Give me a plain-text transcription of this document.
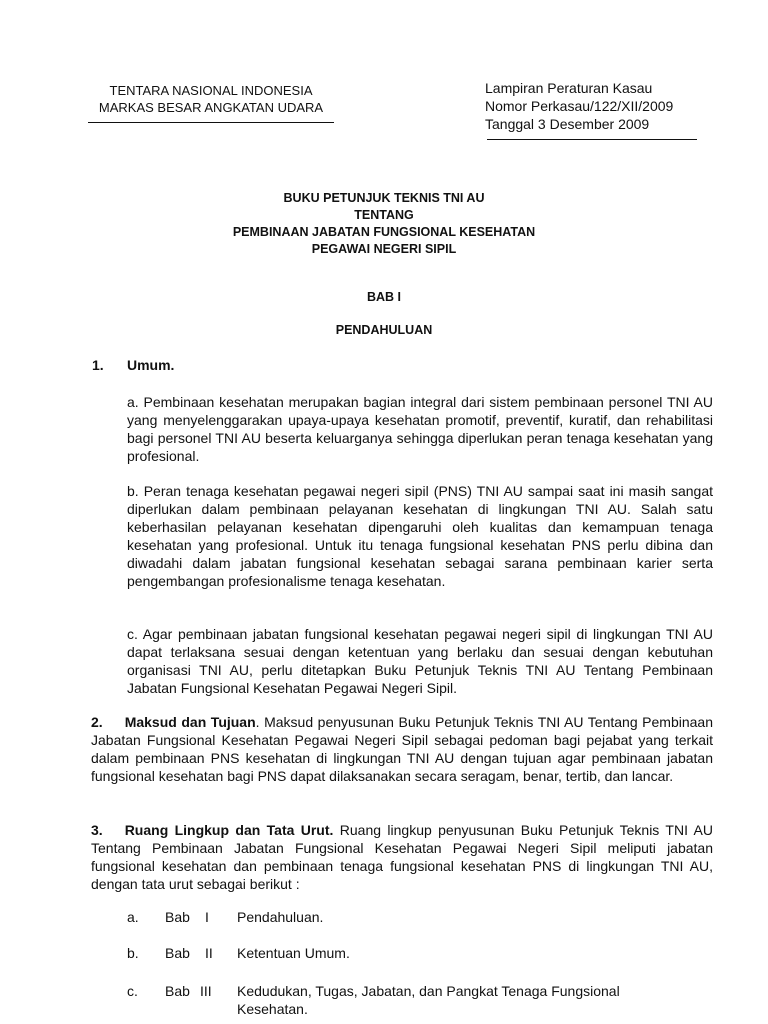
TENTARA NASIONAL INDONESIA
MARKAS BESAR ANGKATAN UDARA
Lampiran Peraturan Kasau
Nomor Perkasau/122/XII/2009
Tanggal 3 Desember 2009
BUKU PETUNJUK TEKNIS TNI AU
TENTANG
PEMBINAAN JABATAN FUNGSIONAL KESEHATAN
PEGAWAI NEGERI SIPIL
BAB I
PENDAHULUAN
1. Umum.
a. Pembinaan kesehatan merupakan bagian integral dari sistem pembinaan personel TNI AU yang menyelenggarakan upaya-upaya kesehatan promotif, preventif, kuratif, dan rehabilitasi bagi personel TNI AU beserta keluarganya sehingga diperlukan peran tenaga kesehatan yang profesional.
b. Peran tenaga kesehatan pegawai negeri sipil (PNS) TNI AU sampai saat ini masih sangat diperlukan dalam pembinaan pelayanan kesehatan di lingkungan TNI AU. Salah satu keberhasilan pelayanan kesehatan dipengaruhi oleh kualitas dan kemampuan tenaga kesehatan yang profesional. Untuk itu tenaga fungsional kesehatan PNS perlu dibina dan diwadahi dalam jabatan fungsional kesehatan sebagai sarana pembinaan karier serta pengembangan profesionalisme tenaga kesehatan.
c. Agar pembinaan jabatan fungsional kesehatan pegawai negeri sipil di lingkungan TNI AU dapat terlaksana sesuai dengan ketentuan yang berlaku dan sesuai dengan kebutuhan organisasi TNI AU, perlu ditetapkan Buku Petunjuk Teknis TNI AU Tentang Pembinaan Jabatan Fungsional Kesehatan Pegawai Negeri Sipil.
2. Maksud dan Tujuan. Maksud penyusunan Buku Petunjuk Teknis TNI AU Tentang Pembinaan Jabatan Fungsional Kesehatan Pegawai Negeri Sipil sebagai pedoman bagi pejabat yang terkait dalam pembinaan PNS kesehatan di lingkungan TNI AU dengan tujuan agar pembinaan jabatan fungsional kesehatan bagi PNS dapat dilaksanakan secara seragam, benar, tertib, dan lancar.
3. Ruang Lingkup dan Tata Urut. Ruang lingkup penyusunan Buku Petunjuk Teknis TNI AU Tentang Pembinaan Jabatan Fungsional Kesehatan Pegawai Negeri Sipil meliputi jabatan fungsional kesehatan dan pembinaan tenaga fungsional kesehatan PNS di lingkungan TNI AU, dengan tata urut sebagai berikut :
a. Bab I Pendahuluan.
b. Bab II Ketentuan Umum.
c. Bab III Kedudukan, Tugas, Jabatan, dan Pangkat Tenaga Fungsional
Kesehatan.
